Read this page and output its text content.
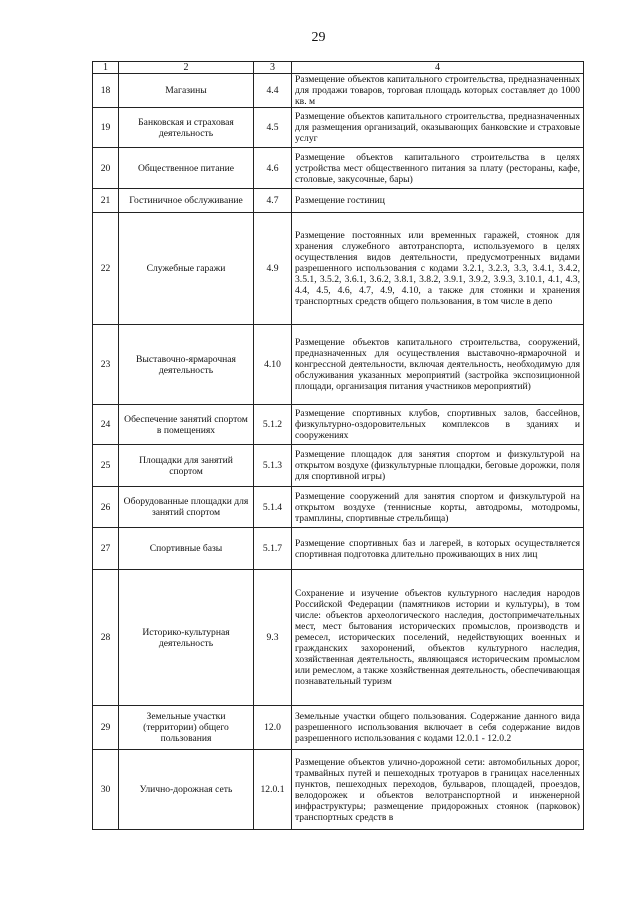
29
1	2	3	4
18	Магазины	4.4	Размещение объектов капитального строительства, предназначенных для продажи товаров, торговая площадь которых составляет до 1000 кв. м
19	Банковская и страховая деятельность	4.5	Размещение объектов капитального строительства, предназначенных для размещения организаций, оказывающих банковские и страховые услуг
20	Общественное питание	4.6	Размещение объектов капитального строительства в целях устройства мест общественного питания за плату (рестораны, кафе, столовые, закусочные, бары)
21	Гостиничное обслуживание	4.7	Размещение гостиниц
22	Служебные гаражи	4.9	Размещение постоянных или временных гаражей, стоянок для хранения служебного автотранспорта, используемого в целях осуществления видов деятельности, предусмотренных видами разрешенного использования с кодами 3.2.1, 3.2.3, 3.3, 3.4.1, 3.4.2, 3.5.1, 3.5.2, 3.6.1, 3.6.2, 3.8.1, 3.8.2, 3.9.1, 3.9.2, 3.9.3, 3.10.1, 4.1, 4.3, 4.4, 4.5, 4.6, 4.7, 4.9, 4.10, а также для стоянки и хранения транспортных средств общего пользования, в том числе в депо
23	Выставочно-ярмарочная деятельность	4.10	Размещение объектов капитального строительства, сооружений, предназначенных для осуществления выставочно-ярмарочной и конгрессной деятельности, включая деятельность, необходимую для обслуживания указанных мероприятий (застройка экспозиционной площади, организация питания участников мероприятий)
24	Обеспечение занятий спортом в помещениях	5.1.2	Размещение спортивных клубов, спортивных залов, бассейнов, физкультурно-оздоровительных комплексов в зданиях и сооружениях
25	Площадки для занятий спортом	5.1.3	Размещение площадок для занятия спортом и физкультурой на открытом воздухе (физкультурные площадки, беговые дорожки, поля для спортивной игры)
26	Оборудованные площадки для занятий спортом	5.1.4	Размещение сооружений для занятия спортом и физкультурой на открытом воздухе (теннисные корты, автодромы, мотодромы, трамплины, спортивные стрельбища)
27	Спортивные базы	5.1.7	Размещение спортивных баз и лагерей, в которых осуществляется спортивная подготовка длительно проживающих в них лиц
28	Историко-культурная деятельность	9.3	Сохранение и изучение объектов культурного наследия народов Российской Федерации (памятников истории и культуры), в том числе: объектов археологического наследия, достопримечательных мест, мест бытования исторических промыслов, производств и ремесел, исторических поселений, недействующих военных и гражданских захоронений, объектов культурного наследия, хозяйственная деятельность, являющаяся историческим промыслом или ремеслом, а также хозяйственная деятельность, обеспечивающая познавательный туризм
29	Земельные участки (территории) общего пользования	12.0	Земельные участки общего пользования. Содержание данного вида разрешенного использования включает в себя содержание видов разрешенного использования с кодами 12.0.1 - 12.0.2
30	Улично-дорожная сеть	12.0.1	Размещение объектов улично-дорожной сети: автомобильных дорог, трамвайных путей и пешеходных тротуаров в границах населенных пунктов, пешеходных переходов, бульваров, площадей, проездов, велодорожек и объектов велотранспортной и инженерной инфраструктуры; размещение придорожных стоянок (парковок) транспортных средств в
